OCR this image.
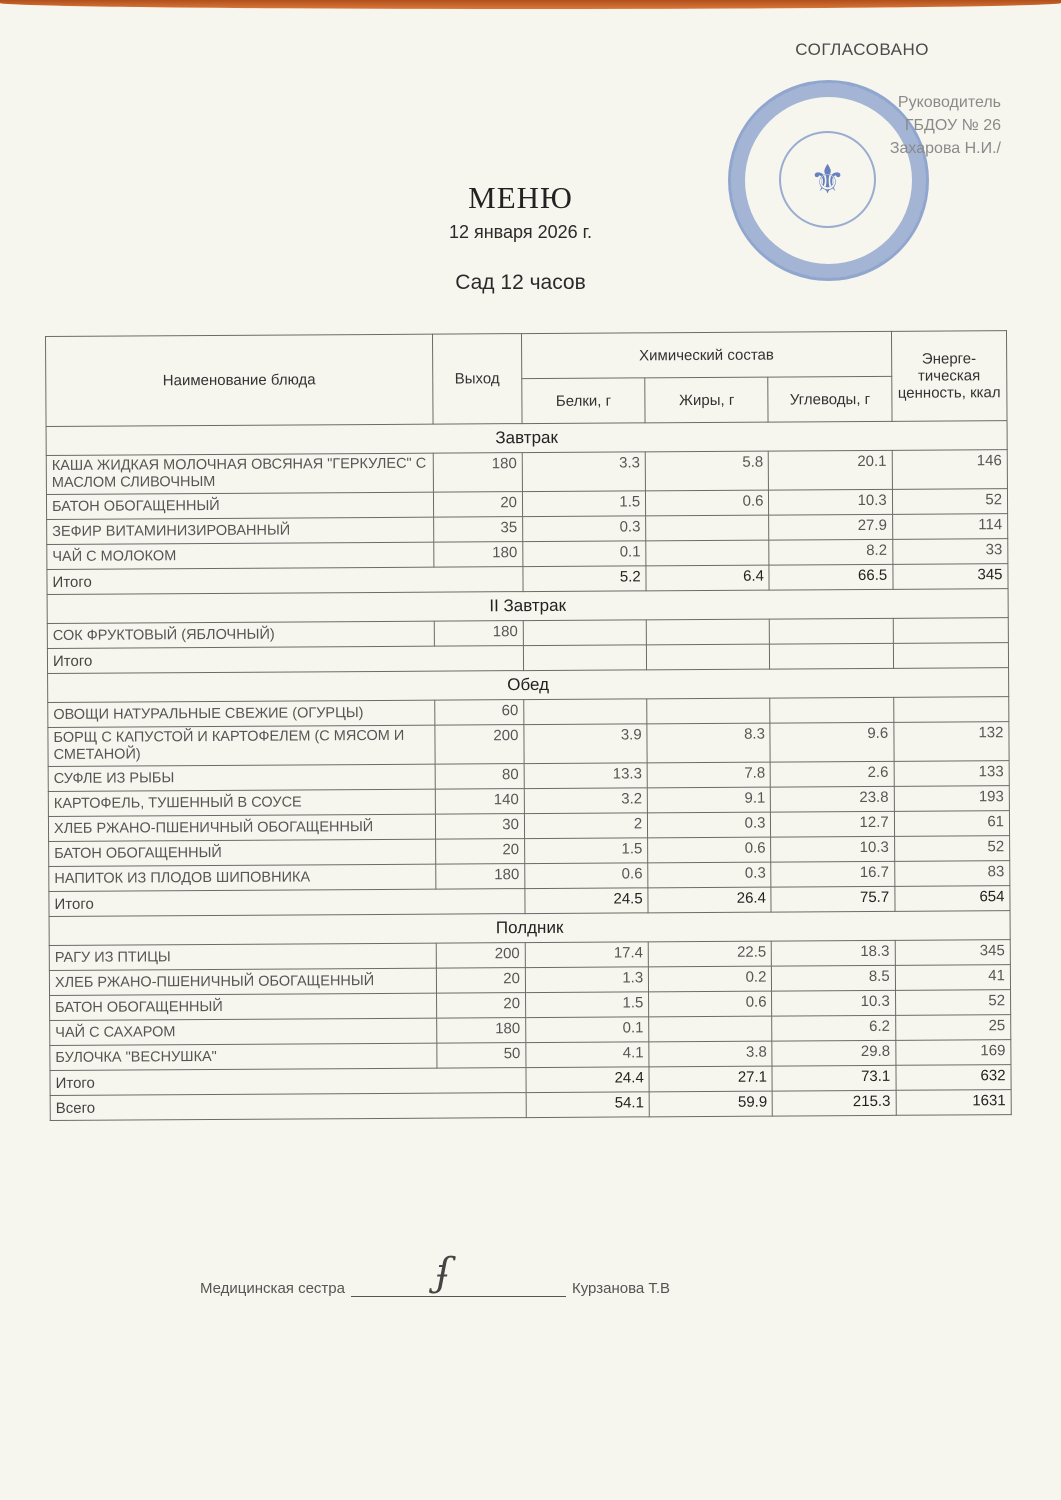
⚜
СОГЛАСОВАНО
Руководитель
ГБДОУ № 26
Захарова Н.И./
МЕНЮ
12 января 2026 г.
Сад 12 часов
Наименование блюда	Выход	Химический состав			Энерге-тическая ценность, ккал
		Белки, г	Жиры, г	Углеводы, г	
Завтрак					
КАША ЖИДКАЯ МОЛОЧНАЯ ОВСЯНАЯ "ГЕРКУЛЕС" С МАСЛОМ СЛИВОЧНЫМ	180	3.3	5.8	20.1	146
БАТОН ОБОГАЩЕННЫЙ	20	1.5	0.6	10.3	52
ЗЕФИР ВИТАМИНИЗИРОВАННЫЙ	35	0.3		27.9	114
ЧАЙ С МОЛОКОМ	180	0.1		8.2	33
Итого		5.2	6.4	66.5	345
II Завтрак					
СОК ФРУКТОВЫЙ (ЯБЛОЧНЫЙ)	180				
Итого					
Обед					
ОВОЩИ НАТУРАЛЬНЫЕ СВЕЖИЕ (ОГУРЦЫ)	60				
БОРЩ С КАПУСТОЙ И КАРТОФЕЛЕМ (С МЯСОМ И СМЕТАНОЙ)	200	3.9	8.3	9.6	132
СУФЛЕ ИЗ РЫБЫ	80	13.3	7.8	2.6	133
КАРТОФЕЛЬ, ТУШЕННЫЙ В СОУСЕ	140	3.2	9.1	23.8	193
ХЛЕБ РЖАНО-ПШЕНИЧНЫЙ ОБОГАЩЕННЫЙ	30	2	0.3	12.7	61
БАТОН ОБОГАЩЕННЫЙ	20	1.5	0.6	10.3	52
НАПИТОК ИЗ ПЛОДОВ ШИПОВНИКА	180	0.6	0.3	16.7	83
Итого		24.5	26.4	75.7	654
Полдник					
РАГУ ИЗ ПТИЦЫ	200	17.4	22.5	18.3	345
ХЛЕБ РЖАНО-ПШЕНИЧНЫЙ ОБОГАЩЕННЫЙ	20	1.3	0.2	8.5	41
БАТОН ОБОГАЩЕННЫЙ	20	1.5	0.6	10.3	52
ЧАЙ С САХАРОМ	180	0.1		6.2	25
БУЛОЧКА "ВЕСНУШКА"	50	4.1	3.8	29.8	169
Итого		24.4	27.1	73.1	632
Всего		54.1	59.9	215.3	1631
Медицинская сестра ʄ	Курзанова Т.В
